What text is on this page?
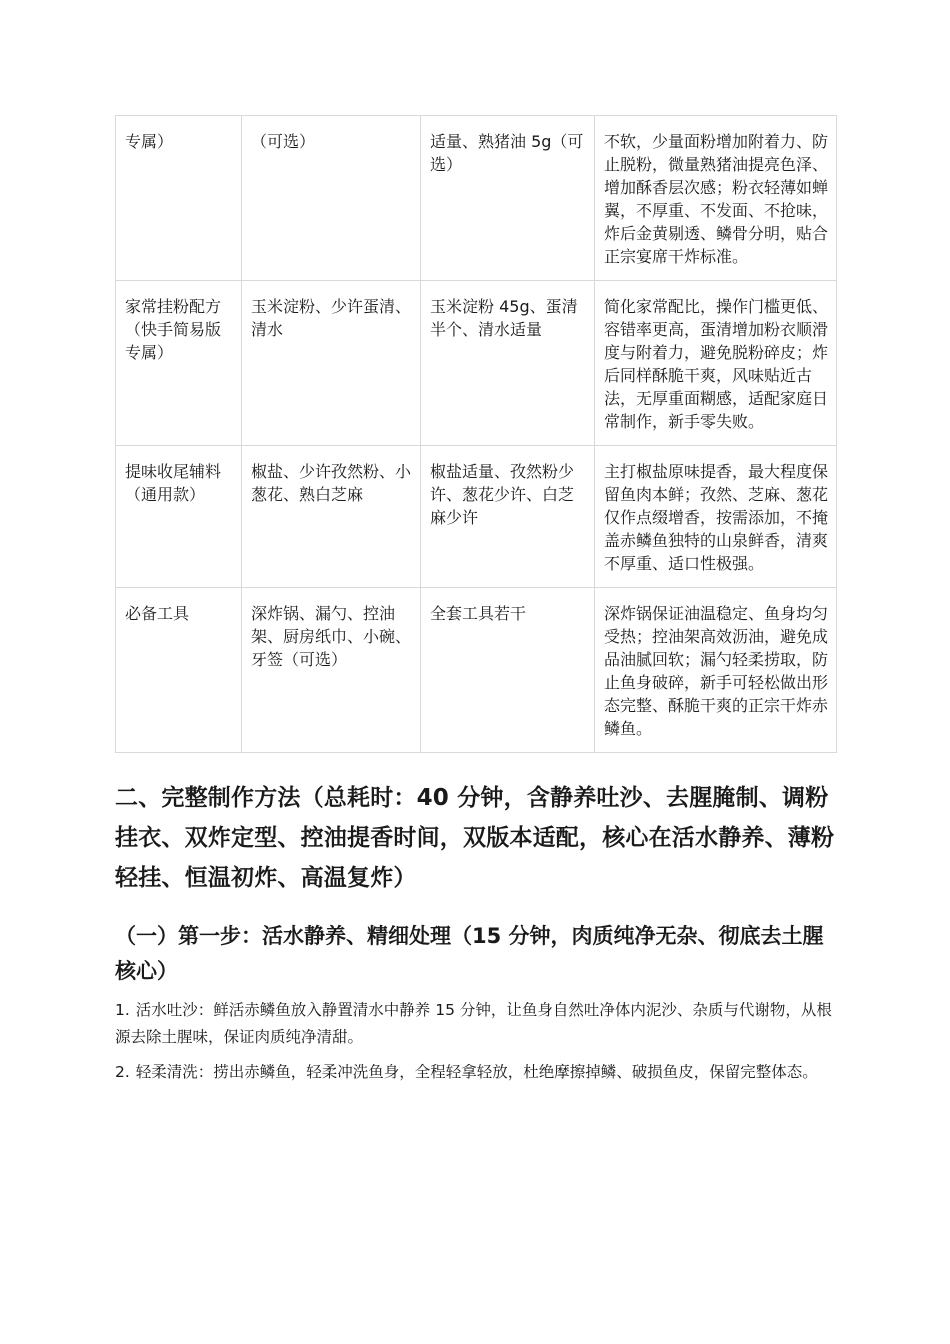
专属）	（可选）	适量、熟猪油 5g（可选）	不软，少量面粉增加附着力、防止脱粉，微量熟猪油提亮色泽、增加酥香层次感；粉衣轻薄如蝉翼，不厚重、不发面、不抢味，炸后金黄剔透、鳞骨分明，贴合正宗宴席干炸标准。
家常挂粉配方（快手简易版专属）	玉米淀粉、少许蛋清、清水	玉米淀粉 45g、蛋清半个、清水适量	简化家常配比，操作门槛更低、容错率更高，蛋清增加粉衣顺滑度与附着力，避免脱粉碎皮；炸后同样酥脆干爽，风味贴近古法，无厚重面糊感，适配家庭日常制作，新手零失败。
提味收尾辅料（通用款）	椒盐、少许孜然粉、小葱花、熟白芝麻	椒盐适量、孜然粉少许、葱花少许、白芝麻少许	主打椒盐原味提香，最大程度保留鱼肉本鲜；孜然、芝麻、葱花仅作点缀增香，按需添加，不掩盖赤鳞鱼独特的山泉鲜香，清爽不厚重、适口性极强。
必备工具	深炸锅、漏勺、控油架、厨房纸巾、小碗、牙签（可选）	全套工具若干	深炸锅保证油温稳定、鱼身均匀受热；控油架高效沥油，避免成品油腻回软；漏勺轻柔捞取，防止鱼身破碎，新手可轻松做出形态完整、酥脆干爽的正宗干炸赤鳞鱼。
二、完整制作方法（总耗时：40 分钟，含静养吐沙、去腥腌制、调粉挂衣、双炸定型、控油提香时间，双版本适配，核心在活水静养、薄粉轻挂、恒温初炸、高温复炸）
（一）第一步：活水静养、精细处理（15 分钟，肉质纯净无杂、彻底去土腥核心）

1. 活水吐沙：鲜活赤鳞鱼放入静置清水中静养 15 分钟，让鱼身自然吐净体内泥沙、杂质与代谢物，从根源去除土腥味，保证肉质纯净清甜。

2. 轻柔清洗：捞出赤鳞鱼，轻柔冲洗鱼身，全程轻拿轻放，杜绝摩擦掉鳞、破损鱼皮，保留完整体态。
